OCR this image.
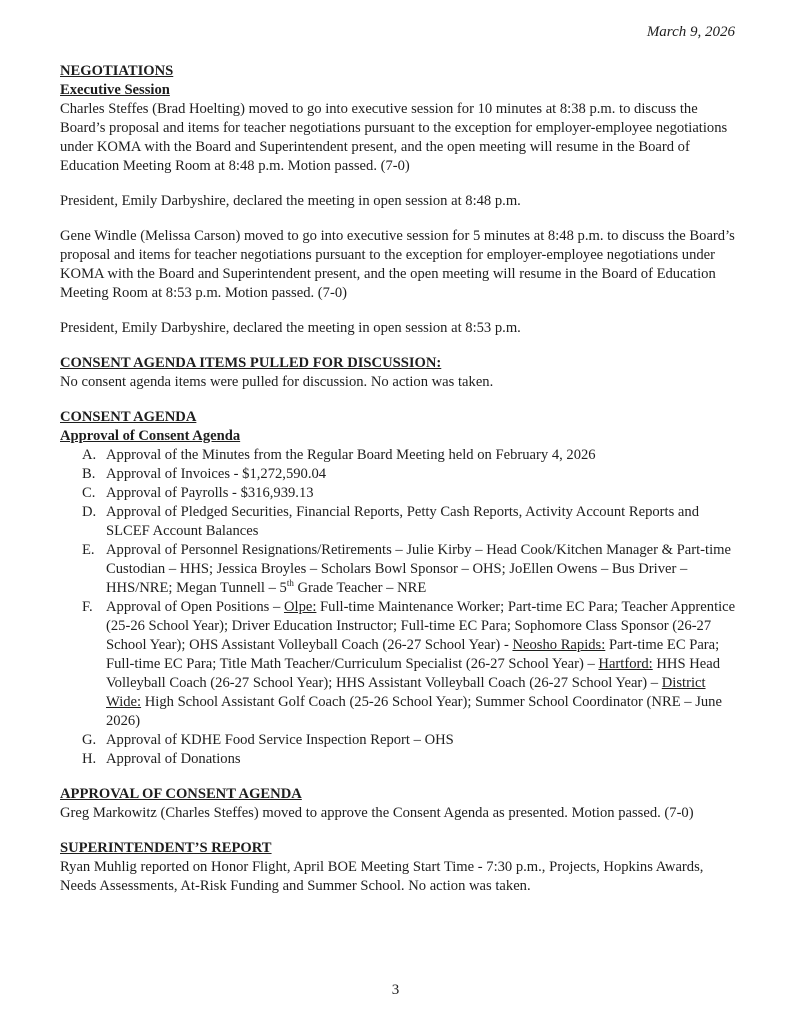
March 9, 2026

NEGOTIATIONS

Executive Session

Charles Steffes (Brad Hoelting) moved to go into executive session for 10 minutes at 8:38 p.m. to discuss the Board’s proposal and items for teacher negotiations pursuant to the exception for employer-employee negotiations under KOMA with the Board and Superintendent present, and the open meeting will resume in the Board of Education Meeting Room at 8:48 p.m. Motion passed. (7-0)

President, Emily Darbyshire, declared the meeting in open session at 8:48 p.m.

Gene Windle (Melissa Carson) moved to go into executive session for 5 minutes at 8:48 p.m. to discuss the Board’s proposal and items for teacher negotiations pursuant to the exception for employer-employee negotiations under KOMA with the Board and Superintendent present, and the open meeting will resume in the Board of Education Meeting Room at 8:53 p.m. Motion passed. (7-0)

President, Emily Darbyshire, declared the meeting in open session at 8:53 p.m.

CONSENT AGENDA ITEMS PULLED FOR DISCUSSION:

No consent agenda items were pulled for discussion. No action was taken.

CONSENT AGENDA

Approval of Consent Agenda

A. Approval of the Minutes from the Regular Board Meeting held on February 4, 2026
B. Approval of Invoices - $1,272,590.04
C. Approval of Payrolls - $316,939.13
D. Approval of Pledged Securities, Financial Reports, Petty Cash Reports, Activity Account Reports and SLCEF Account Balances
E. Approval of Personnel Resignations/Retirements – Julie Kirby – Head Cook/Kitchen Manager & Part-time Custodian – HHS; Jessica Broyles – Scholars Bowl Sponsor – OHS; JoEllen Owens – Bus Driver – HHS/NRE; Megan Tunnell – 5th Grade Teacher – NRE
F. Approval of Open Positions – Olpe: Full-time Maintenance Worker; Part-time EC Para; Teacher Apprentice (25-26 School Year); Driver Education Instructor; Full-time EC Para; Sophomore Class Sponsor (26-27 School Year); OHS Assistant Volleyball Coach (26-27 School Year) - Neosho Rapids: Part-time EC Para; Full-time EC Para; Title Math Teacher/Curriculum Specialist (26-27 School Year) – Hartford: HHS Head Volleyball Coach (26-27 School Year); HHS Assistant Volleyball Coach (26-27 School Year) – District Wide: High School Assistant Golf Coach (25-26 School Year); Summer School Coordinator (NRE – June 2026)
G. Approval of KDHE Food Service Inspection Report – OHS
H. Approval of Donations

APPROVAL OF CONSENT AGENDA

Greg Markowitz (Charles Steffes) moved to approve the Consent Agenda as presented. Motion passed. (7-0)

SUPERINTENDENT’S REPORT

Ryan Muhlig reported on Honor Flight, April BOE Meeting Start Time - 7:30 p.m., Projects, Hopkins Awards, Needs Assessments, At-Risk Funding and Summer School. No action was taken.

3
